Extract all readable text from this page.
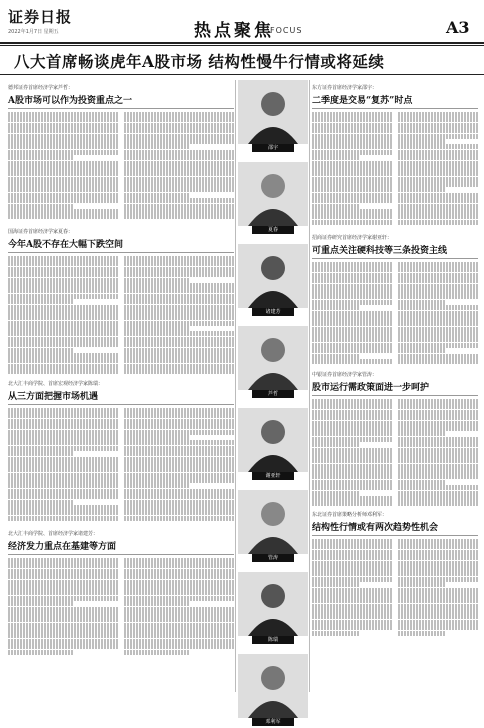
证券日报
2022年1月7日 星期五	热点聚焦
FOCUS	A3
八大首席畅谈虎年A股市场 结构性慢牛行情或将延续
德邦证券首席经济学家芦哲：
A股市场可以作为投资重点之一
国海证券首席经济学家夏春：
今年A股不存在大幅下跌空间
北大汇丰商学院、首席宏观经济学家陈瑞：
从三方面把握市场机遇
北大汇丰商学院、首席经济学家诸建芳：
经济发力重点在基建等方面
邵宇
夏春
诸建芳
芦哲
谢亚轩
管涛
陈瑞
邓利军
东方证券首席经济学家邵宇：
二季度是交易“复苏”时点
招商证券研究首席经济学家谢亚轩：
可重点关注硬科技等三条投资主线
中银证券首席经济学家管涛：
股市运行需政策面进一步呵护
东北证券首席策略分析师邓利军：
结构性行情或有两次趋势性机会
